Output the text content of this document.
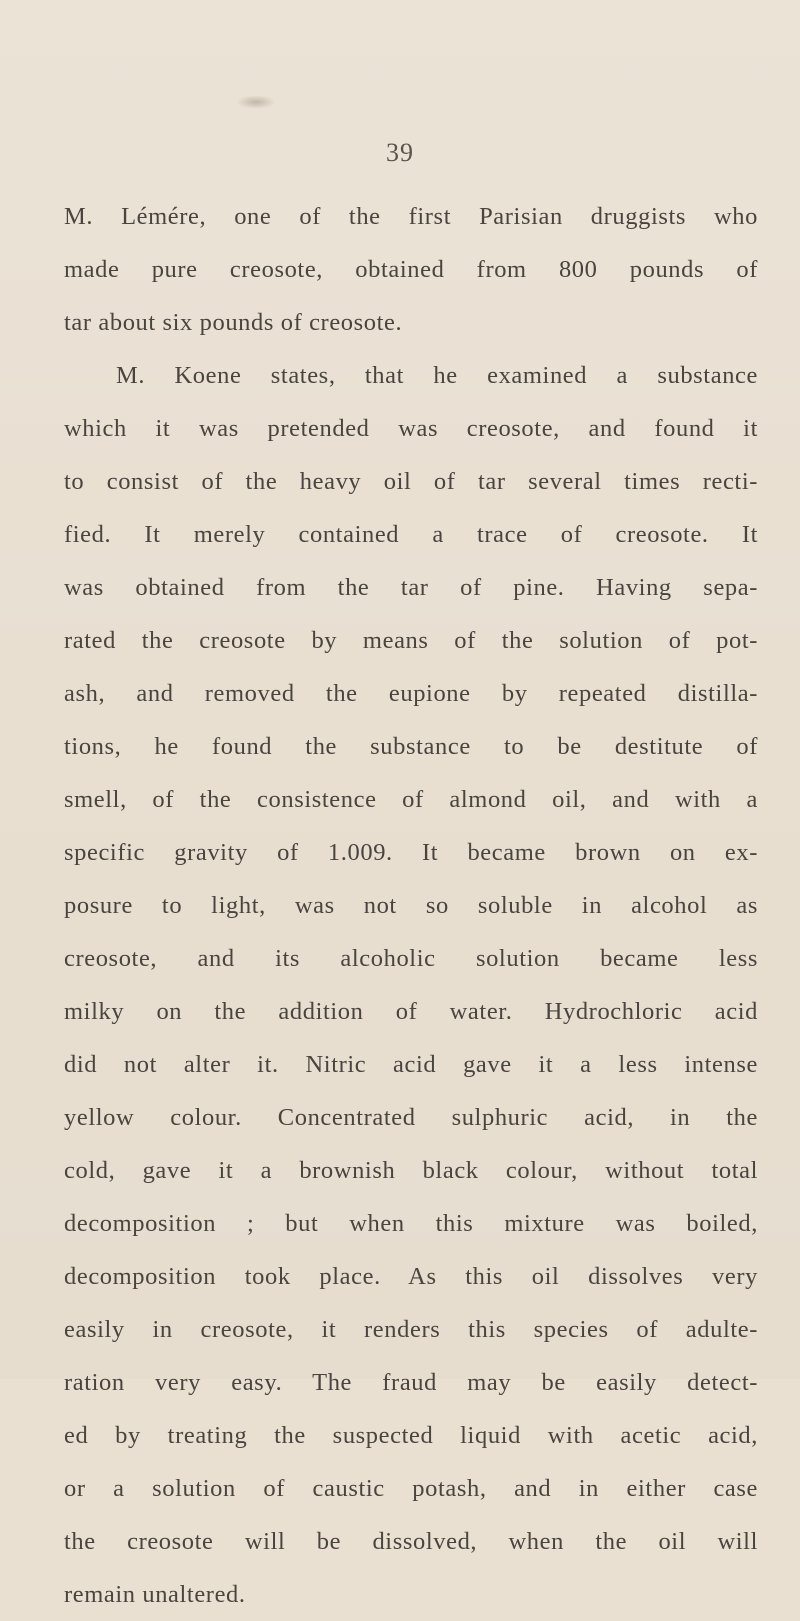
39
M. Lémére, one of the first Parisian druggists who
made pure creosote, obtained from 800 pounds of
tar about six pounds of creosote.
M. Koene states, that he examined a substance
which it was pretended was creosote, and found it
to consist of the heavy oil of tar several times recti-
fied. It merely contained a trace of creosote. It
was obtained from the tar of pine. Having sepa-
rated the creosote by means of the solution of pot-
ash, and removed the eupione by repeated distilla-
tions, he found the substance to be destitute of
smell, of the consistence of almond oil, and with a
specific gravity of 1.009. It became brown on ex-
posure to light, was not so soluble in alcohol as
creosote, and its alcoholic solution became less
milky on the addition of water. Hydrochloric acid
did not alter it. Nitric acid gave it a less intense
yellow colour. Concentrated sulphuric acid, in the
cold, gave it a brownish black colour, without total
decomposition ; but when this mixture was boiled,
decomposition took place. As this oil dissolves very
easily in creosote, it renders this species of adulte-
ration very easy. The fraud may be easily detect-
ed by treating the suspected liquid with acetic acid,
or a solution of caustic potash, and in either case
the creosote will be dissolved, when the oil will
remain unaltered.
